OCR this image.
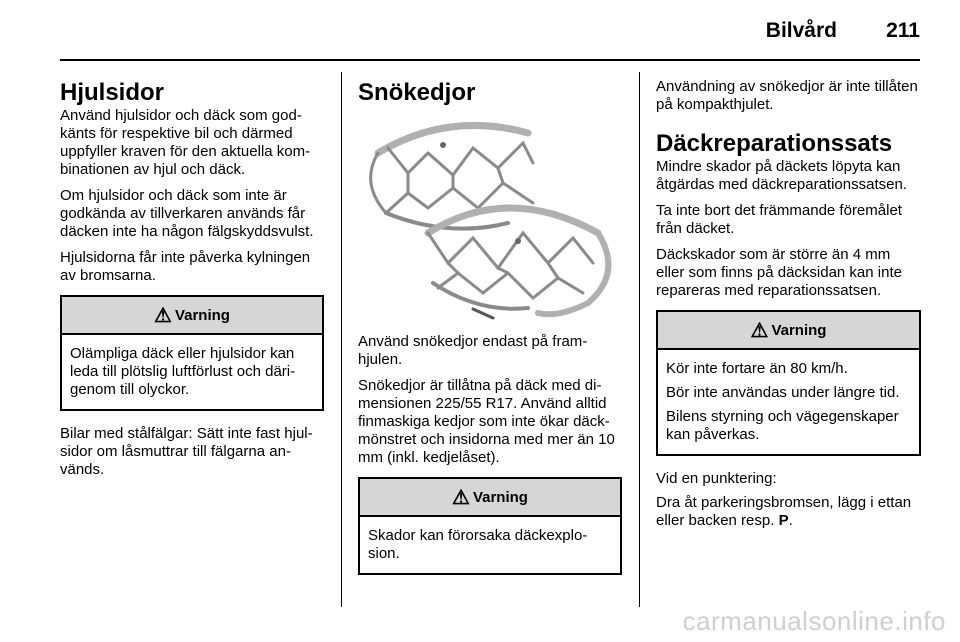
Bilvård 211
Hjulsidor

Använd hjulsidor och däck som godkänts för respektive bil och därmed uppfyller kraven för den aktuella kombinationen av hjul och däck.

Om hjulsidor och däck som inte är godkända av tillverkaren används får däcken inte ha någon fälgskyddsvulst.

Hjulsidorna får inte påverka kylningen av bromsarna.

⚠ Varning

Olämpliga däck eller hjulsidor kan leda till plötslig luftförlust och därigenom till olyckor.

Bilar med stålfälgar: Sätt inte fast hjulsidor om låsmuttrar till fälgarna används.

Snökedjor

Använd snökedjor endast på framhjulen.

Snökedjor är tillåtna på däck med dimensionen 225/55 R17. Använd alltid finmaskiga kedjor som inte ökar däckmönstret och insidorna med mer än 10 mm (inkl. kedjelåset).

⚠ Varning

Skador kan förorsaka däckexplosion.

Användning av snökedjor är inte tillåten på kompakthjulet.

Däckreparationssats

Mindre skador på däckets löpyta kan åtgärdas med däckreparationssatsen.

Ta inte bort det främmande föremålet från däcket.

Däckskador som är större än 4 mm eller som finns på däcksidan kan inte repareras med reparationssatsen.

⚠ Varning

Kör inte fortare än 80 km/h.

Bör inte användas under längre tid.

Bilens styrning och vägegenskaper kan påverkas.

Vid en punktering:

Dra åt parkeringsbromsen, lägg i ettan eller backen resp. P.

carmanualsonline.info
